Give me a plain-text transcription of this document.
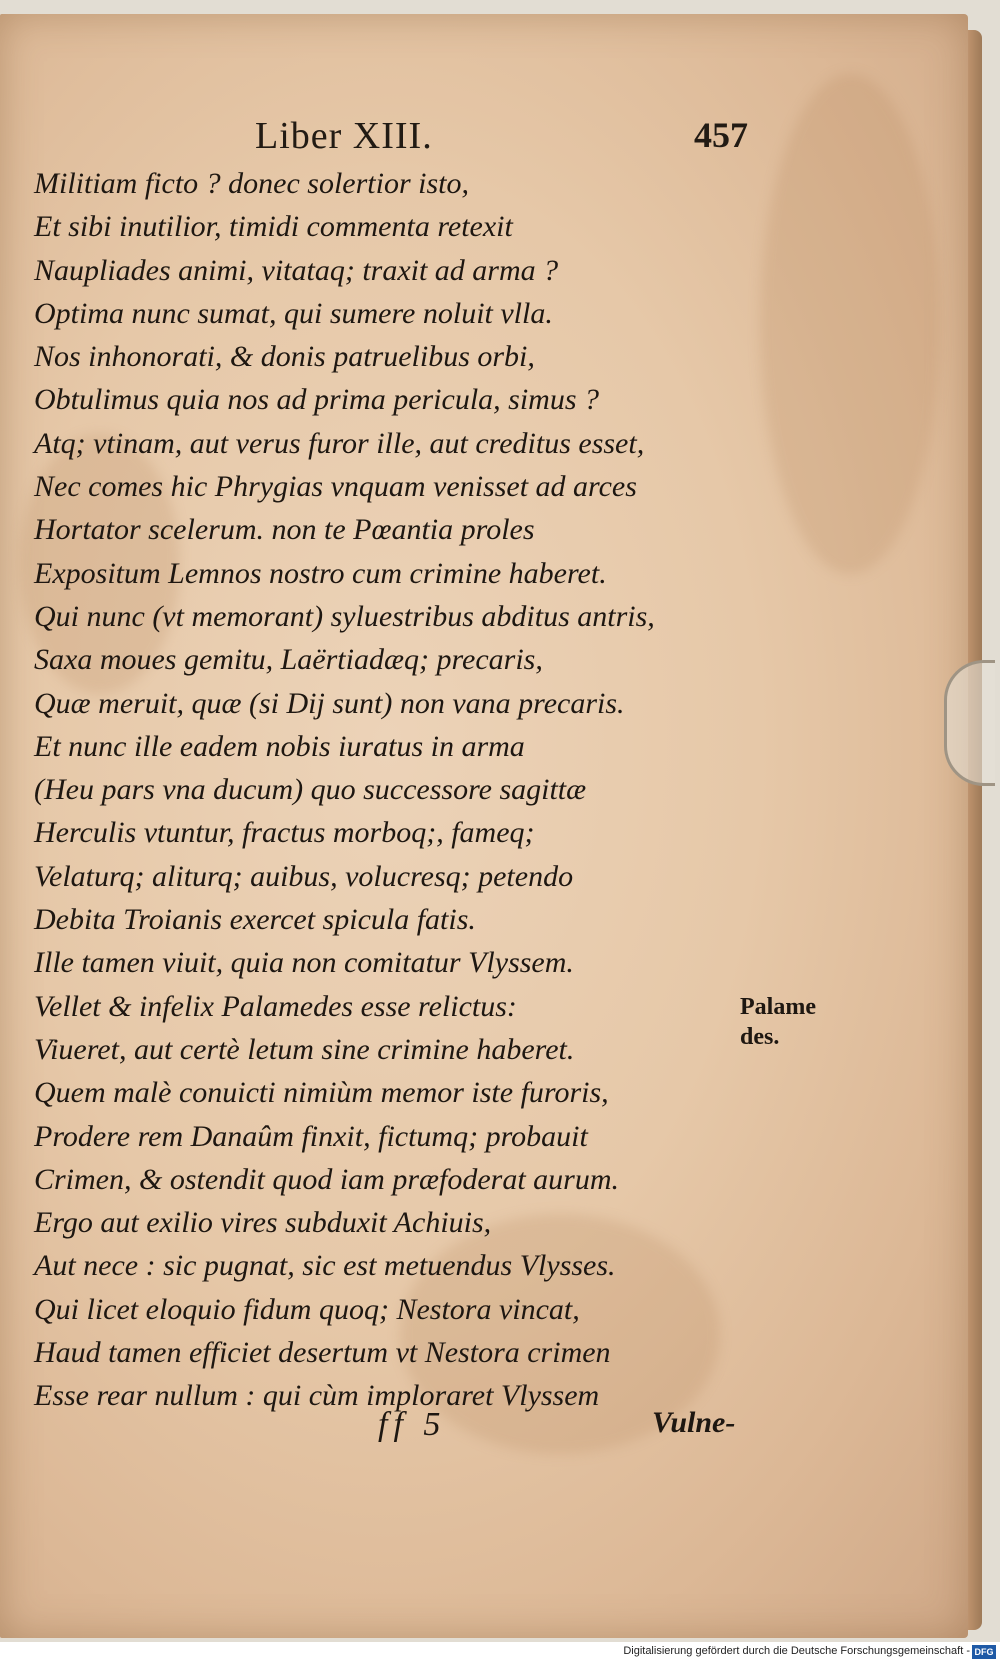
Liber XIII.	457
Militiam ficto ? donec solertior isto,
Et sibi inutilior, timidi commenta retexit
Naupliades animi, vitataq; traxit ad arma ?
Optima nunc sumat, qui sumere noluit vlla.
Nos inhonorati, & donis patruelibus orbi,
Obtulimus quia nos ad prima pericula, simus ?
Atq; vtinam, aut verus furor ille, aut creditus esset,
Nec comes hic Phrygias vnquam venisset ad arces
Hortator scelerum. non te Pœantia proles
Expositum Lemnos nostro cum crimine haberet.
Qui nunc (vt memorant) syluestribus abditus antris,
Saxa moues gemitu, Laërtiadæq; precaris,
Quæ meruit, quæ (si Dij sunt) non vana precaris.
Et nunc ille eadem nobis iuratus in arma
(Heu pars vna ducum) quo successore sagittæ
Herculis vtuntur, fractus morboq;, fameq;
Velaturq; aliturq; auibus, volucresq; petendo
Debita Troianis exercet spicula fatis.
Ille tamen viuit, quia non comitatur Vlyssem.
Vellet & infelix Palamedes esse relictus:
Viueret, aut certè letum sine crimine haberet.
Quem malè conuicti nimiùm memor iste furoris,
Prodere rem Danaûm finxit, fictumq; probauit
Crimen, & ostendit quod iam præfoderat aurum.
Ergo aut exilio vires subduxit Achiuis,
Aut nece : sic pugnat, sic est metuendus Vlysses.
Qui licet eloquio fidum quoq; Nestora vincat,
Haud tamen efficiet desertum vt Nestora crimen
Esse rear nullum : qui cùm imploraret Vlyssem
Palame
des.
ff 5	Vulne-
Digitalisierung gefördert durch die Deutsche Forschungsgemeinschaft - DFG
